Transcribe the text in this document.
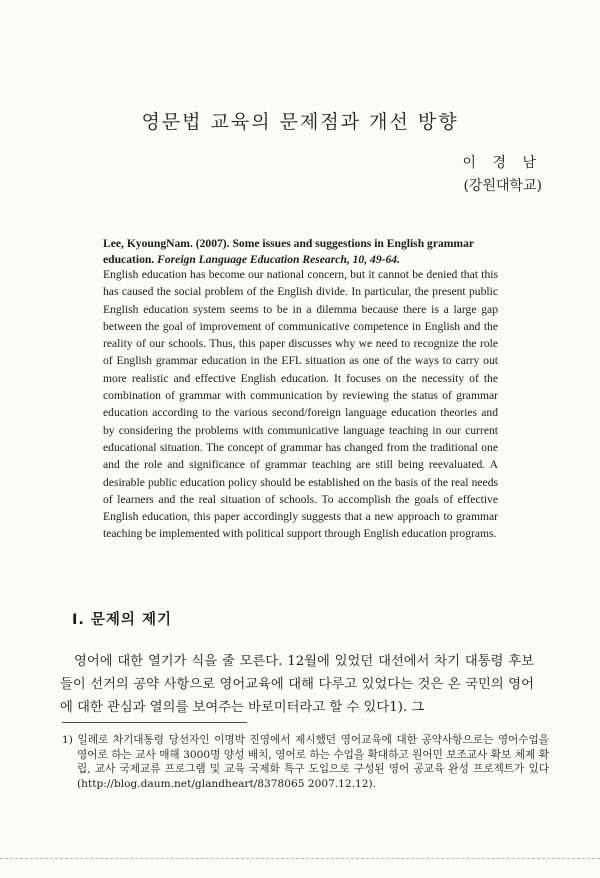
영문법 교육의 문제점과 개선 방향
이 경 남
(강원대학교)
Lee, KyoungNam. (2007). Some issues and suggestions in English grammar education. Foreign Language Education Research, 10, 49-64.
English education has become our national concern, but it cannot be denied that this has caused the social problem of the English divide. In particular, the present public English education system seems to be in a dilemma because there is a large gap between the goal of improvement of communicative competence in English and the reality of our schools. Thus, this paper discusses why we need to recognize the role of English grammar education in the EFL situation as one of the ways to carry out more realistic and effective English education. It focuses on the necessity of the combination of grammar with communication by reviewing the status of grammar education according to the various second/foreign language education theories and by considering the problems with communicative language teaching in our current educational situation. The concept of grammar has changed from the traditional one and the role and significance of grammar teaching are still being reevaluated. A desirable public education policy should be established on the basis of the real needs of learners and the real situation of schools. To accomplish the goals of effective English education, this paper accordingly suggests that a new approach to grammar teaching be implemented with political support through English education programs.
Ⅰ. 문제의 제기
영어에 대한 열기가 식을 줄 모른다. 12월에 있었던 대선에서 차기 대통령 후보들이 선거의 공약 사항으로 영어교육에 대해 다루고 있었다는 것은 온 국민의 영어에 대한 관심과 열의를 보여주는 바로미터라고 할 수 있다1). 그
1) 일례로 차기대통령 당선자인 이명박 진영에서 제시했던 영어교육에 대한 공약사항으로는 영어수업을 영어로 하는 교사 매해 3000명 양성 배치, 영어로 하는 수업을 확대하고 원어민 보조교사 확보 체제 확립, 교사 국제교류 프로그램 및 교육 국제화 특구 도입으로 구성된 영어 공교육 완성 프로젝트가 있다(http://blog.daum.net/glandheart/8378065 2007.12.12).
